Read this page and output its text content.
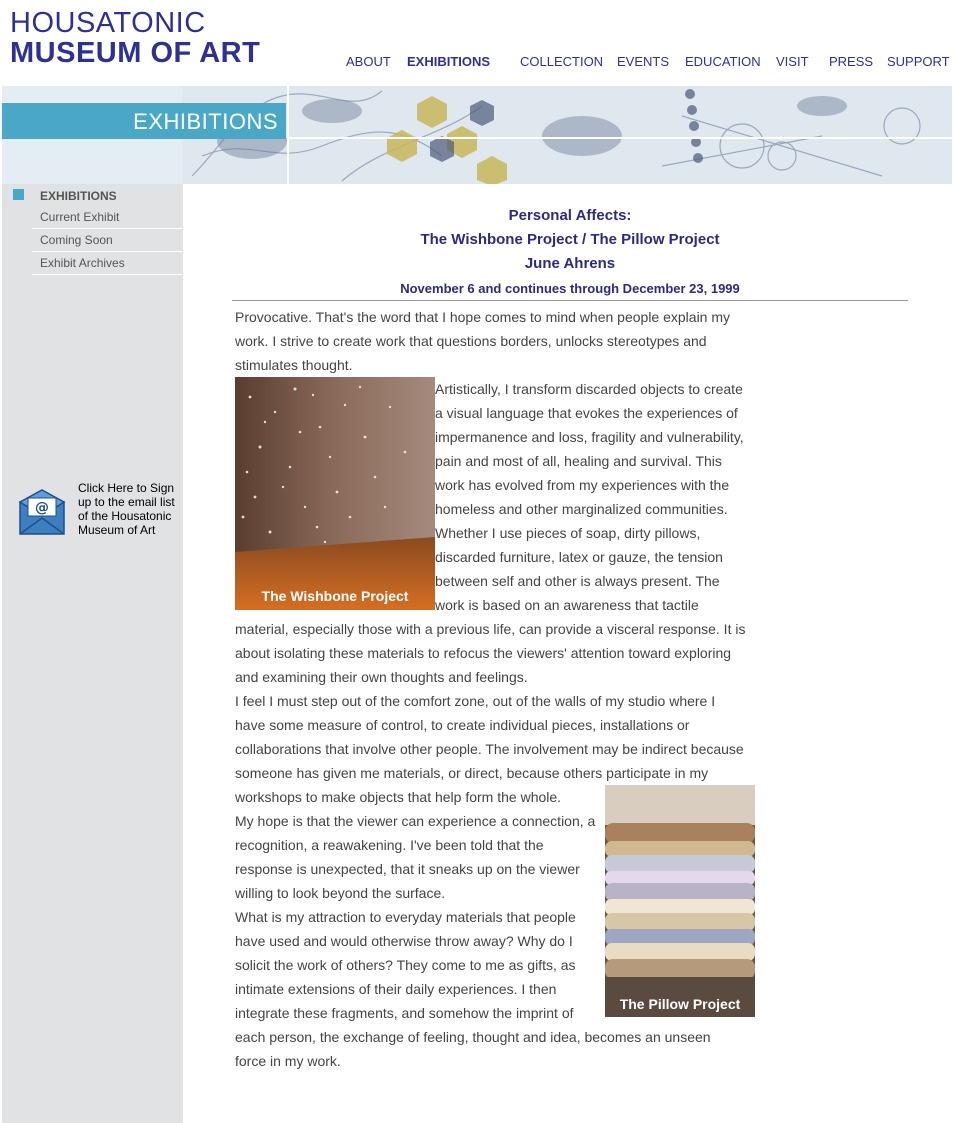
HOUSATONIC
MUSEUM OF ART	ABOUT EXHIBITIONS COLLECTION EVENTS EDUCATION VISIT PRESS SUPPORT
EXHIBITIONS
EXHIBITIONS
Current Exhibit
Coming Soon
Exhibit Archives
@
Click Here to Sign up to the email list of the Housatonic Museum of Art
Personal Affects:
The Wishbone Project / The Pillow Project
June Ahrens
November 6 and continues through December 23, 1999
Provocative. That's the word that I hope comes to mind when people explain my
work. I strive to create work that questions borders, unlocks stereotypes and
stimulates thought.
The Wishbone Project
Artistically, I transform discarded objects to create
a visual language that evokes the experiences of
impermanence and loss, fragility and vulnerability,
pain and most of all, healing and survival. This
work has evolved from my experiences with the
homeless and other marginalized communities.
Whether I use pieces of soap, dirty pillows,
discarded furniture, latex or gauze, the tension
between self and other is always present. The
work is based on an awareness that tactile
material, especially those with a previous life, can provide a visceral response. It is
about isolating these materials to refocus the viewers' attention toward exploring
and examining their own thoughts and feelings.
I feel I must step out of the comfort zone, out of the walls of my studio where I
have some measure of control, to create individual pieces, installations or
collaborations that involve other people. The involvement may be indirect because
someone has given me materials, or direct, because others participate in my
workshops to make objects that help form the whole.
My hope is that the viewer can experience a connection, a
recognition, a reawakening. I've been told that the
response is unexpected, that it sneaks up on the viewer
willing to look beyond the surface.
What is my attraction to everyday materials that people
have used and would otherwise throw away? Why do I
solicit the work of others? They come to me as gifts, as
intimate extensions of their daily experiences. I then
integrate these fragments, and somehow the imprint of
each person, the exchange of feeling, thought and idea, becomes an unseen
force in my work.
The Pillow Project
